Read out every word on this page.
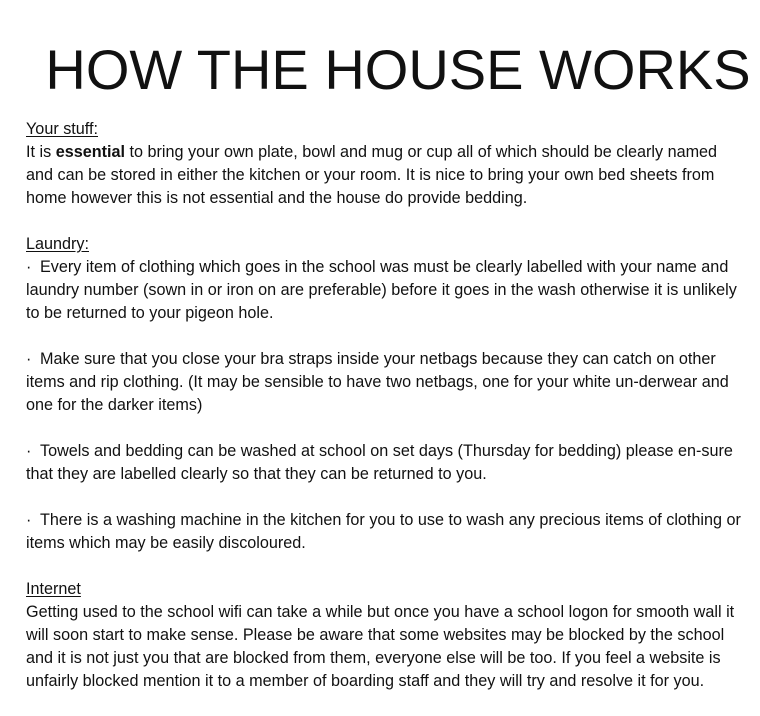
HOW THE HOUSE WORKS

Your stuff:

It is essential to bring your own plate, bowl and mug or cup all of which should be clearly named and can be stored in either the kitchen or your room. It is nice to bring your own bed sheets from home however this is not essential and the house do provide bedding.

Laundry:

· Every item of clothing which goes in the school was must be clearly labelled with your name and laundry number (sown in or iron on are preferable) before it goes in the wash otherwise it is unlikely to be returned to your pigeon hole.

· Make sure that you close your bra straps inside your netbags because they can catch on other items and rip clothing. (It may be sensible to have two netbags, one for your white un-derwear and one for the darker items)

· Towels and bedding can be washed at school on set days (Thursday for bedding) please en-sure that they are labelled clearly so that they can be returned to you.

· There is a washing machine in the kitchen for you to use to wash any precious items of clothing or items which may be easily discoloured.

Internet

Getting used to the school wifi can take a while but once you have a school logon for smooth wall it will soon start to make sense. Please be aware that some websites may be blocked by the school and it is not just you that are blocked from them, everyone else will be too. If you feel a website is unfairly blocked mention it to a member of boarding staff and they will try and resolve it for you.
